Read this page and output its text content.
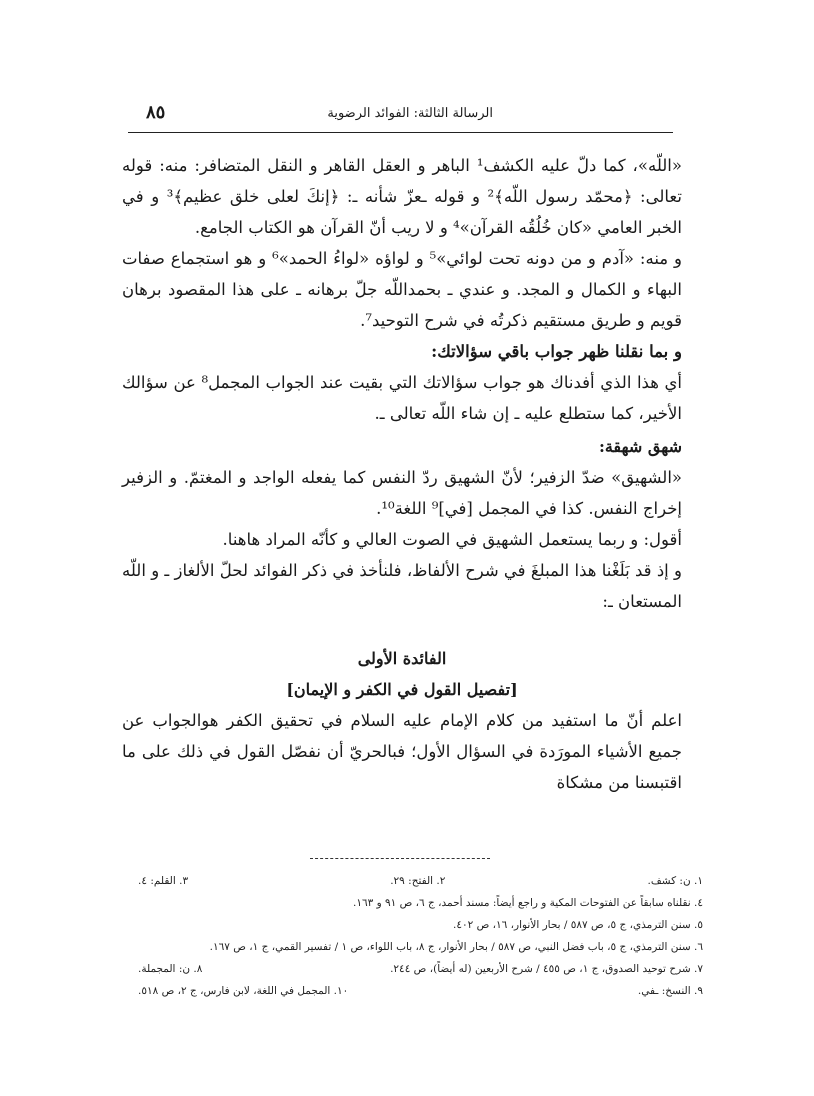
٨٥	الرسالة الثالثة: الفوائد الرضوية

«اللّه»، كما دلّ عليه الكشف¹ الباهر و العقل القاهر و النقل المتضافر: منه: قوله تعالى: ﴿محمّد رسول اللّه﴾² و قوله ـعزّ شأنه ـ: ﴿إنكَ لعلى خلق عظيم﴾³ و في الخبر العامي «كان خُلُقُه القرآن»⁴ و لا ريب أنّ القرآن هو الكتاب الجامع.

و منه: «آدم و من دونه تحت لوائي»⁵ و لواؤه «لواءُ الحمد»⁶ و هو استجماع صفات البهاء و الكمال و المجد. و عندي ـ بحمداللّه جلّ برهانه ـ على هذا المقصود برهان قويم و طريق مستقيم ذكرتُه في شرح التوحيد⁷.

و بما نقلنا ظهر جواب باقي سؤالاتك:

أي هذا الذي أفدناك هو جواب سؤالاتك التي بقيت عند الجواب المجمل⁸ عن سؤالك الأخير، كما ستطلع عليه ـ إن شاء اللّه تعالى ـ.

شهق شهقة:

«الشهيق» ضدّ الزفير؛ لأنّ الشهيق ردّ النفس كما يفعله الواجد و المغتمّ. و الزفير إخراج النفس. كذا في المجمل [في]⁹ اللغة¹⁰.

أقول: و ربما يستعمل الشهيق في الصوت العالي و كأنّه المراد هاهنا.

و إذ قد بَلَغْنا هذا المبلغَ في شرح الألفاظ، فلنأخذ في ذكر الفوائد لحلّ الألغاز ـ و اللّه المستعان ـ:

الفائدة الأولى

[تفصيل القول في الكفر و الإيمان]

اعلم أنّ ما استفيد من كلام الإمام عليه السلام في تحقيق الكفر هوالجواب عن جميع الأشياء المورَدة في السؤال الأول؛ فبالحريّ أن نفصّل القول في ذلك على ما اقتبسنا من مشكاة

١. ن: كشف.
٢. الفتح: ٢٩.
٣. القلم: ٤.
٤. نقلناه سابقاً عن الفتوحات المكية و راجع أيضاً: مسند أحمد، ج ٦، ص ٩١ و ١٦٣.
٥. سنن الترمذي، ج ٥، ص ٥٨٧ / بحار الأنوار، ١٦، ص ٤٠٢.
٦. سنن الترمذي، ج ٥، باب فضل النبي، ص ٥٨٧ / بحار الأنوار، ج ٨، باب اللواء، ص ١ / تفسير القمي، ج ١، ص ١٦٧.
٧. شرح توحيد الصدوق، ج ١، ص ٤٥٥ / شرح الأربعين (له أيضاً)، ص ٢٤٤.
٨. ن: المجملة.
٩. النسخ: ـفي.
١٠. المجمل في اللغة، لابن فارس، ج ٢، ص ٥١٨.
